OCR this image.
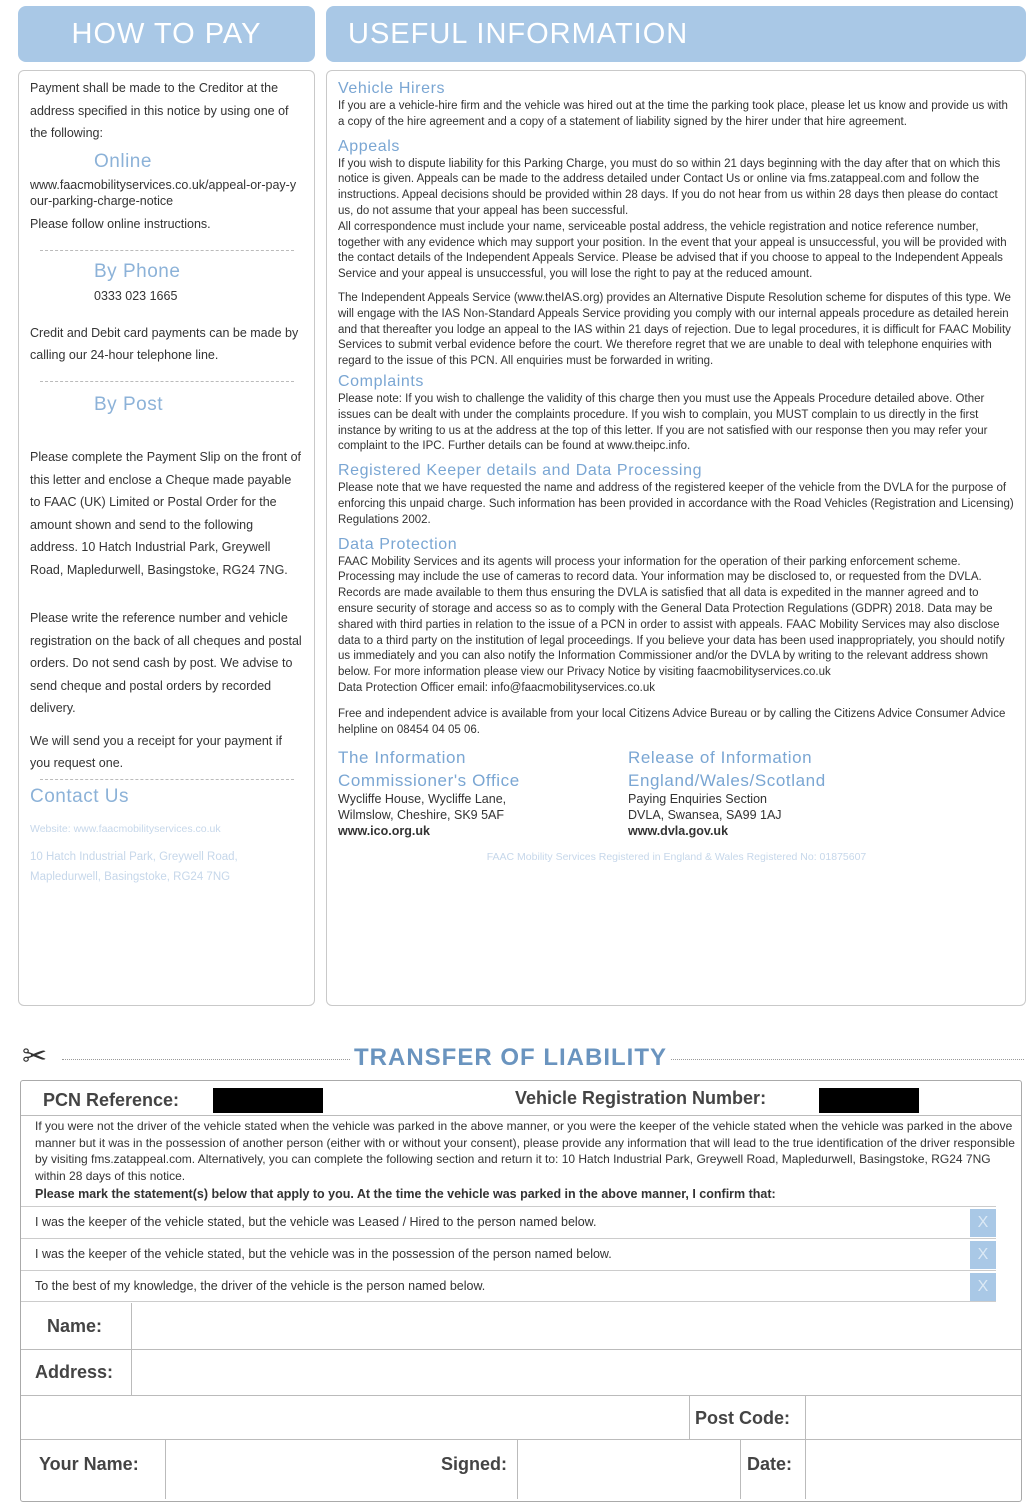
HOW TO PAY	USEFUL INFORMATION

Payment shall be made to the Creditor at the address specified in this notice by using one of the following:

Online

www.faacmobilityservices.co.uk/appeal-or-pay-your-parking-charge-notice

Please follow online instructions.

By Phone

0333 023 1665

Credit and Debit card payments can be made by calling our 24-hour telephone line.

By Post

Please complete the Payment Slip on the front of this letter and enclose a Cheque made payable to FAAC (UK) Limited or Postal Order for the amount shown and send to the following address. 10 Hatch Industrial Park, Greywell Road, Mapledurwell, Basingstoke, RG24 7NG.

Please write the reference number and vehicle registration on the back of all cheques and postal orders. Do not send cash by post. We advise to send cheque and postal orders by recorded delivery.

We will send you a receipt for your payment if you request one.

Contact Us

Website: www.faacmobilityservices.co.uk

10 Hatch Industrial Park, Greywell Road, Mapledurwell, Basingstoke, RG24 7NG

Vehicle Hirers

If you are a vehicle-hire firm and the vehicle was hired out at the time the parking took place, please let us know and provide us with a copy of the hire agreement and a copy of a statement of liability signed by the hirer under that hire agreement.

Appeals

If you wish to dispute liability for this Parking Charge, you must do so within 21 days beginning with the day after that on which this notice is given. Appeals can be made to the address detailed under Contact Us or online via fms.zatappeal.com and follow the instructions. Appeal decisions should be provided within 28 days. If you do not hear from us within 28 days then please do contact us, do not assume that your appeal has been successful.

All correspondence must include your name, serviceable postal address, the vehicle registration and notice reference number, together with any evidence which may support your position. In the event that your appeal is unsuccessful, you will be provided with the contact details of the Independent Appeals Service. Please be advised that if you choose to appeal to the Independent Appeals Service and your appeal is unsuccessful, you will lose the right to pay at the reduced amount.

The Independent Appeals Service (www.theIAS.org) provides an Alternative Dispute Resolution scheme for disputes of this type. We will engage with the IAS Non-Standard Appeals Service providing you comply with our internal appeals procedure as detailed herein and that thereafter you lodge an appeal to the IAS within 21 days of rejection. Due to legal procedures, it is difficult for FAAC Mobility Services to submit verbal evidence before the court. We therefore regret that we are unable to deal with telephone enquiries with regard to the issue of this PCN. All enquiries must be forwarded in writing.

Complaints

Please note: If you wish to challenge the validity of this charge then you must use the Appeals Procedure detailed above. Other issues can be dealt with under the complaints procedure. If you wish to complain, you MUST complain to us directly in the first instance by writing to us at the address at the top of this letter. If you are not satisfied with our response then you may refer your complaint to the IPC. Further details can be found at www.theipc.info.

Registered Keeper details and Data Processing

Please note that we have requested the name and address of the registered keeper of the vehicle from the DVLA for the purpose of enforcing this unpaid charge. Such information has been provided in accordance with the Road Vehicles (Registration and Licensing) Regulations 2002.

Data Protection

FAAC Mobility Services and its agents will process your information for the operation of their parking enforcement scheme. Processing may include the use of cameras to record data. Your information may be disclosed to, or requested from the DVLA. Records are made available to them thus ensuring the DVLA is satisfied that all data is expedited in the manner agreed and to ensure security of storage and access so as to comply with the General Data Protection Regulations (GDPR) 2018. Data may be shared with third parties in relation to the issue of a PCN in order to assist with appeals. FAAC Mobility Services may also disclose data to a third party on the institution of legal proceedings. If you believe your data has been used inappropriately, you should notify us immediately and you can also notify the Information Commissioner and/or the DVLA by writing to the relevant address shown below. For more information please view our Privacy Notice by visiting faacmobilityservices.co.uk

Data Protection Officer email: info@faacmobilityservices.co.uk

Free and independent advice is available from your local Citizens Advice Bureau or by calling the Citizens Advice Consumer Advice helpline on 08454 04 05 06.

The Information
Commissioner's Office

Wycliffe House, Wycliffe Lane,

Wilmslow, Cheshire, SK9 5AF

www.ico.org.uk

Release of Information
England/Wales/Scotland

Paying Enquiries Section

DVLA, Swansea, SA99 1AJ

www.dvla.gov.uk

FAAC Mobility Services Registered in England & Wales Registered No: 01875607

✂	TRANSFER OF LIABILITY
PCN Reference:	Vehicle Registration Number:

If you were not the driver of the vehicle stated when the vehicle was parked in the above manner, or you were the keeper of the vehicle stated when the vehicle was parked in the above manner but it was in the possession of another person (either with or without your consent), please provide any information that will lead to the true identification of the driver responsible by visiting fms.zatappeal.com. Alternatively, you can complete the following section and return it to: 10 Hatch Industrial Park, Greywell Road, Mapledurwell, Basingstoke, RG24 7NG within 28 days of this notice.

Please mark the statement(s) below that apply to you. At the time the vehicle was parked in the above manner, I confirm that:

I was the keeper of the vehicle stated, but the vehicle was Leased / Hired to the person named below.	X
I was the keeper of the vehicle stated, but the vehicle was in the possession of the person named below.	X
To the best of my knowledge, the driver of the vehicle is the person named below.	X
Name:
Address:
Post Code:
Your Name:	Signed:	Date:
